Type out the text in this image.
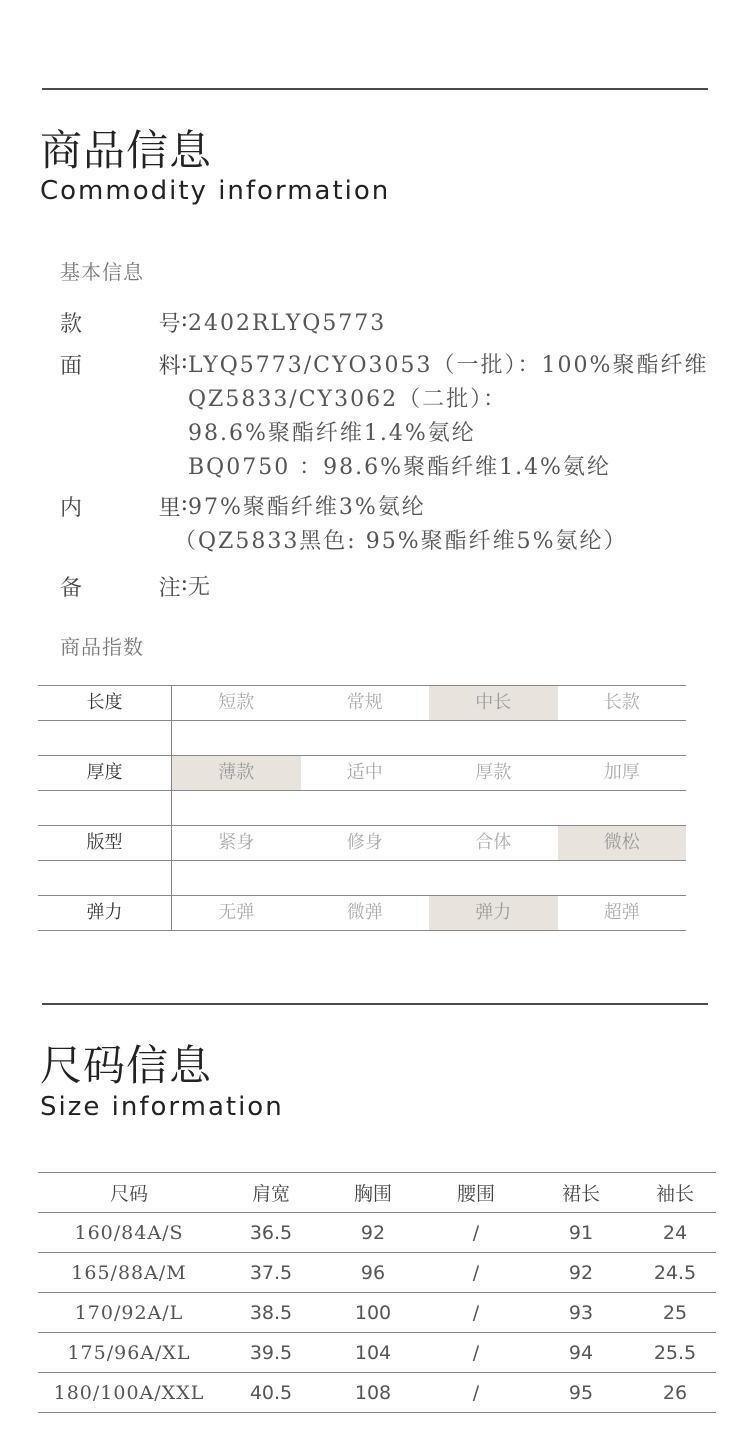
商品信息
Commodity information
基本信息
款	号 : 2402RLYQ5773
面	料 : LYQ5773/CYO3053（一批）：100%聚酯纤维
QZ5833/CY3062（二批）：
98.6%聚酯纤维1.4%氨纶
BQ0750 ：98.6%聚酯纤维1.4%氨纶
内	里 : 97%聚酯纤维3%氨纶
（QZ5833黑色: 95%聚酯纤维5%氨纶）
备	注 : 无
商品指数
长度	短款	常规	中长	长款
厚度	薄款	适中	厚款	加厚
版型	紧身	修身	合体	微松
弹力	无弹	微弹	弹力	超弹
尺码信息
Size information
尺码	肩宽	胸围	腰围	裙长	袖长
160/84A/S	36.5	92	/	91	24
165/88A/M	37.5	96	/	92	24.5
170/92A/L	38.5	100	/	93	25
175/96A/XL	39.5	104	/	94	25.5
180/100A/XXL	40.5	108	/	95	26
